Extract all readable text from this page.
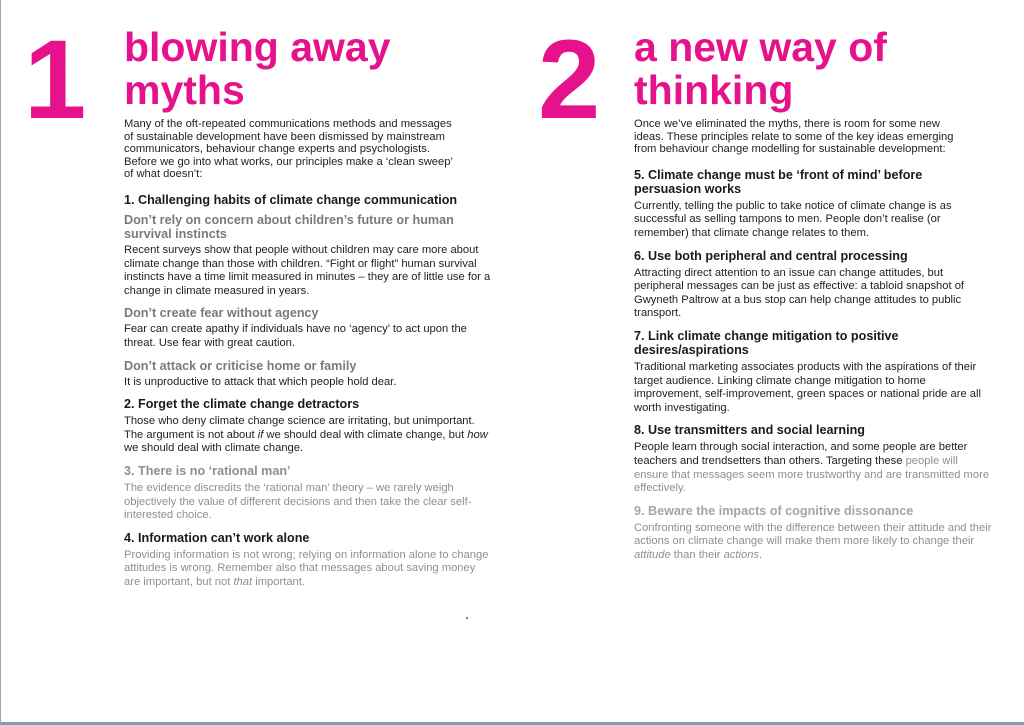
1 blowing away
myths
Many of the oft-repeated communications methods and messages
of sustainable development have been dismissed by mainstream
communicators, behaviour change experts and psychologists.
Before we go into what works, our principles make a ‘clean sweep’
of what doesn’t:
1. Challenging habits of climate change communication
Don’t rely on concern about children’s future or human survival instincts

Recent surveys show that people without children may care more about climate change than those with children. “Fight or flight” human survival instincts have a time limit measured in minutes – they are of little use for a change in climate measured in years.

Don’t create fear without agency

Fear can create apathy if individuals have no ‘agency’ to act upon the threat. Use fear with great caution.

Don’t attack or criticise home or family

It is unproductive to attack that which people hold dear.

2. Forget the climate change detractors

Those who deny climate change science are irritating, but unimportant. The argument is not about if we should deal with climate change, but how we should deal with climate change.

3. There is no ‘rational man’

The evidence discredits the ‘rational man’ theory – we rarely weigh objectively the value of different decisions and then take the clear self-interested choice.

4. Information can’t work alone

Providing information is not wrong; relying on information alone to change attitudes is wrong. Remember also that messages about saving money are important, but not that important.

2 a new way of
thinking
Once we’ve eliminated the myths, there is room for some new
ideas. These principles relate to some of the key ideas emerging
from behaviour change modelling for sustainable development:
5. Climate change must be ‘front of mind’ before persuasion works

Currently, telling the public to take notice of climate change is as successful as selling tampons to men. People don’t realise (or remember) that climate change relates to them.

6. Use both peripheral and central processing

Attracting direct attention to an issue can change attitudes, but peripheral messages can be just as effective: a tabloid snapshot of Gwyneth Paltrow at a bus stop can help change attitudes to public transport.

7. Link climate change mitigation to positive desires/aspirations

Traditional marketing associates products with the aspirations of their target audience. Linking climate change mitigation to home improvement, self-improvement, green spaces or national pride are all worth investigating.

8. Use transmitters and social learning

People learn through social interaction, and some people are better teachers and trendsetters than others. Targeting these people will ensure that messages seem more trustworthy and are transmitted more effectively.

9. Beware the impacts of cognitive dissonance

Confronting someone with the difference between their attitude and their actions on climate change will make them more likely to change their attitude than their actions.
